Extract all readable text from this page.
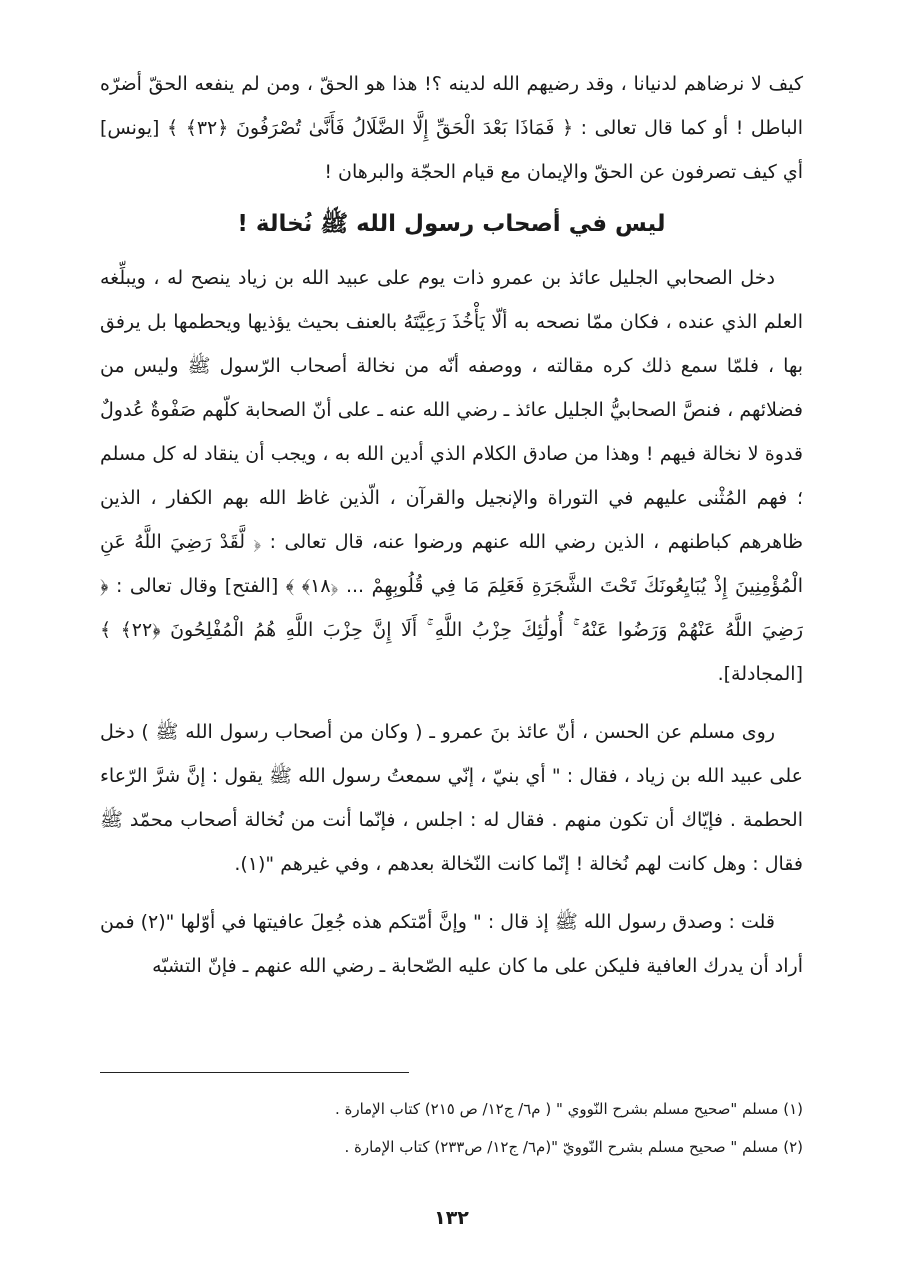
كيف لا نرضاهم لدنيانا ، وقد رضيهم الله لدينه ؟! هذا هو الحقّ ، ومن لم ينفعه الحقّ أضرّه الباطل ! أو كما قال تعالى : ﴿ فَمَاذَا بَعْدَ الْحَقِّ إِلَّا الضَّلَالُ فَأَنَّىٰ تُصْرَفُونَ ﴿٣٢﴾ ﴾ [يونس] أي كيف تصرفون عن الحقّ والإيمان مع قيام الحجّة والبرهان !

ليس في أصحاب رسول الله ﷺ نُخالة !

دخل الصحابي الجليل عائذ بن عمرو ذات يوم على عبيد الله بن زياد ينصح له ، ويبلِّغه العلم الذي عنده ، فكان ممّا نصحه به ألّا يَأْخُذَ رَعِيَّتَهُ بالعنف بحيث يؤذيها ويحطمها بل يرفق بها ، فلمّا سمع ذلك كره مقالته ، ووصفه أنّه من نخالة أصحاب الرّسول ﷺ وليس من فضلائهم ، فنصَّ الصحابيُّ الجليل عائذ ـ رضي الله عنه ـ على أنّ الصحابة كلّهم صَفْوةٌ عُدولٌ قدوة لا نخالة فيهم ! وهذا من صادق الكلام الذي أدين الله به ، ويجب أن ينقاد له كل مسلم ؛ فهم المُثْنى عليهم في التوراة والإنجيل والقرآن ، الّذين غاظ الله بهم الكفار ، الذين ظاهرهم كباطنهم ، الذين رضي الله عنهم ورضوا عنه، قال تعالى : ﴿ لَّقَدْ رَضِيَ اللَّهُ عَنِ الْمُؤْمِنِينَ إِذْ يُبَايِعُونَكَ تَحْتَ الشَّجَرَةِ فَعَلِمَ مَا فِي قُلُوبِهِمْ ... ﴿١٨﴾ ﴾ [الفتح] وقال تعالى : ﴿ رَضِيَ اللَّهُ عَنْهُمْ وَرَضُوا عَنْهُ ۚ أُولَٰئِكَ حِزْبُ اللَّهِ ۚ أَلَا إِنَّ حِزْبَ اللَّهِ هُمُ الْمُفْلِحُونَ ﴿٢٢﴾ ﴾ [المجادلة].

روى مسلم عن الحسن ، أنّ عائذ بنَ عمرو ـ ( وكان من أصحاب رسول الله ﷺ ) دخل على عبيد الله بن زياد ، فقال : " أي بنيّ ، إنّي سمعتُ رسول الله ﷺ يقول : إنَّ شرَّ الرّعاء الحطمة . فإيّاك أن تكون منهم . فقال له : اجلس ، فإنّما أنت من نُخالة أصحاب محمّد ﷺ فقال : وهل كانت لهم نُخالة ! إنّما كانت النّخالة بعدهم ، وفي غيرهم "(١).

قلت : وصدق رسول الله ﷺ إذ قال : " وإنَّ أمّتكم هذه جُعِلَ عافيتها في أوّلها "(٢) فمن أراد أن يدرك العافية فليكن على ما كان عليه الصّحابة ـ رضي الله عنهم ـ فإنّ التشبّه

(١) مسلم "صحيح مسلم بشرح النّووي " ( م٦/ ج١٢/ ص ٢١٥) كتاب الإمارة .

(٢) مسلم " صحيح مسلم بشرح النّوويّ "(م٦/ ج١٢/ ص٢٣٣) كتاب الإمارة .

١٣٢
